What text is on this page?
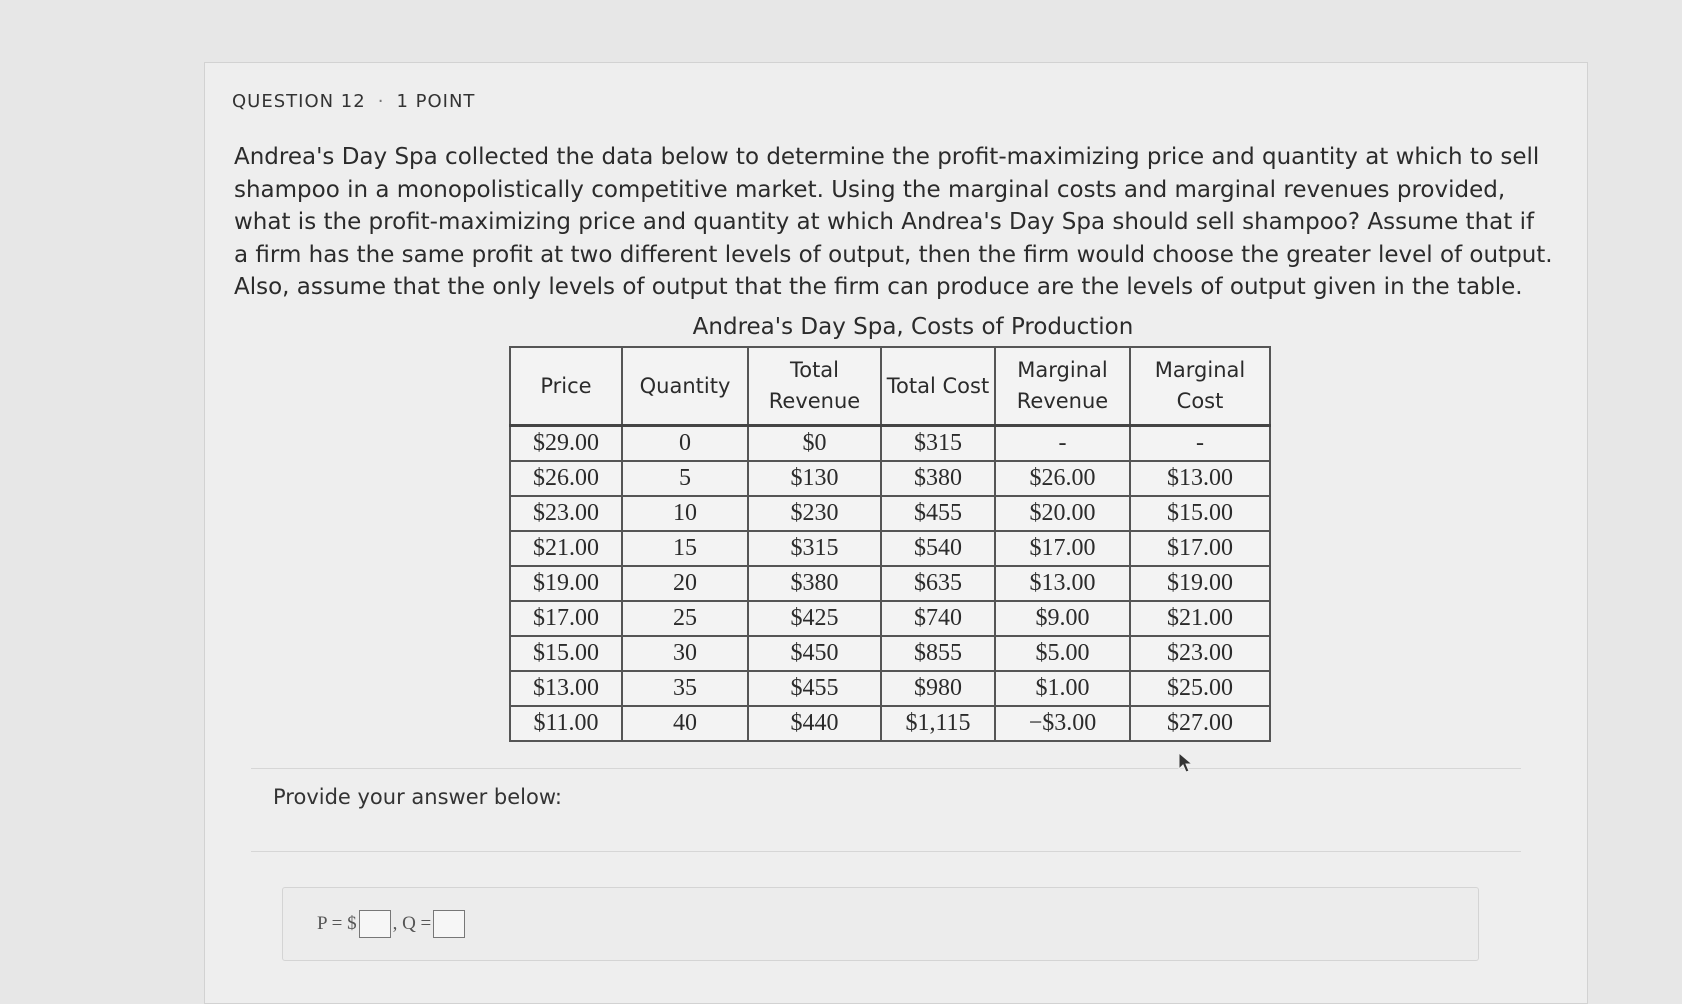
QUESTION 12 · 1 POINT
Andrea's Day Spa collected the data below to determine the profit-maximizing price and quantity at which to sell shampoo in a monopolistically competitive market. Using the marginal costs and marginal revenues provided, what is the profit-maximizing price and quantity at which Andrea's Day Spa should sell shampoo? Assume that if a firm has the same profit at two different levels of output, then the firm would choose the greater level of output. Also, assume that the only levels of output that the firm can produce are the levels of output given in the table.
Andrea's Day Spa, Costs of Production
Price	Quantity	Total Revenue	Total Cost	Marginal Revenue	Marginal Cost
$29.00	0	$0	$315	-	-
$26.00	5	$130	$380	$26.00	$13.00
$23.00	10	$230	$455	$20.00	$15.00
$21.00	15	$315	$540	$17.00	$17.00
$19.00	20	$380	$635	$13.00	$19.00
$17.00	25	$425	$740	$9.00	$21.00
$15.00	30	$450	$855	$5.00	$23.00
$13.00	35	$455	$980	$1.00	$25.00
$11.00	40	$440	$1,115	−$3.00	$27.00
Provide your answer below:
P = $ , Q =
